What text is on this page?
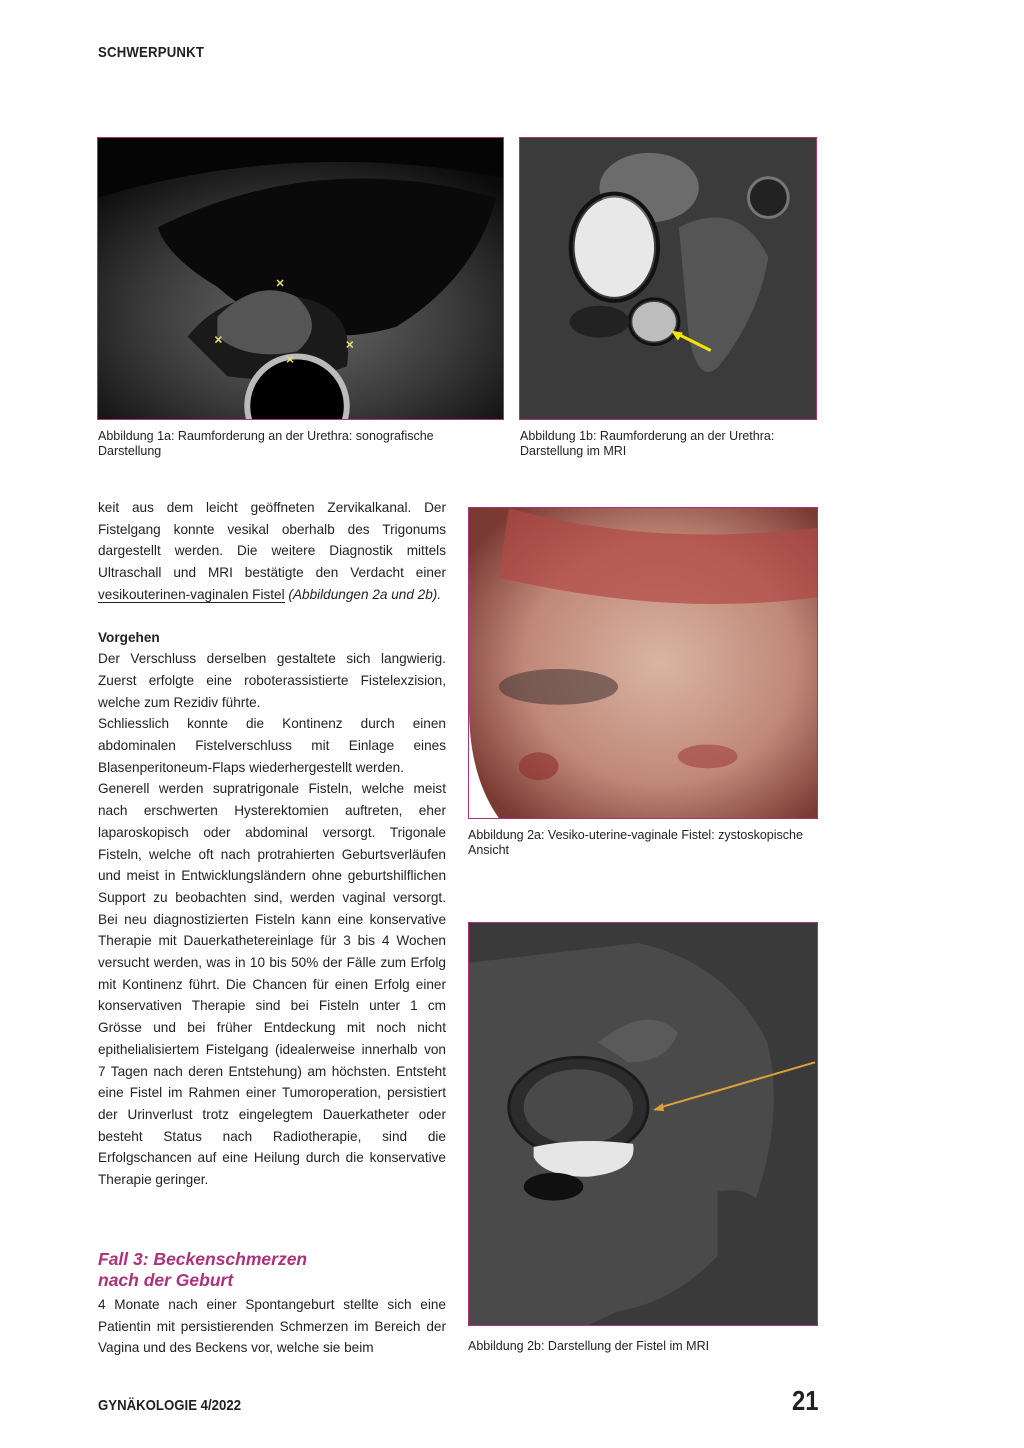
SCHWERPUNKT
Abbildung 1a: Raumforderung an der Urethra: sonografische Darstellung
Abbildung 1b: Raumforderung an der Urethra: Darstellung im MRI

keit aus dem leicht geöffneten Zervikalkanal. Der Fistelgang konnte vesikal oberhalb des Trigonums dargestellt werden. Die weitere Diagnostik mittels Ultraschall und MRI bestätigte den Verdacht einer vesikouterinen-vaginalen Fistel (Abbildungen 2a und 2b).

Vorgehen

Der Verschluss derselben gestaltete sich langwierig. Zuerst erfolgte eine roboterassistierte Fistelexzision, welche zum Rezidiv führte.

Schliesslich konnte die Kontinenz durch einen abdominalen Fistelverschluss mit Einlage eines Blasenperitoneum-Flaps wiederhergestellt werden.

Generell werden supratrigonale Fisteln, welche meist nach erschwerten Hysterektomien auftreten, eher laparoskopisch oder abdominal versorgt. Trigonale Fisteln, welche oft nach protrahierten Geburtsverläufen und meist in Entwicklungsländern ohne geburtshilflichen Support zu beobachten sind, werden vaginal versorgt. Bei neu diagnostizierten Fisteln kann eine konservative Therapie mit Dauerkathetereinlage für 3 bis 4 Wochen versucht werden, was in 10 bis 50% der Fälle zum Erfolg mit Kontinenz führt. Die Chancen für einen Erfolg einer konservativen Therapie sind bei Fisteln unter 1 cm Grösse und bei früher Entdeckung mit noch nicht epithelialisiertem Fistelgang (idealerweise innerhalb von 7 Tagen nach deren Entstehung) am höchsten. Entsteht eine Fistel im Rahmen einer Tumoroperation, persistiert der Urinverlust trotz eingelegtem Dauerkatheter oder besteht Status nach Radiotherapie, sind die Erfolgschancen auf eine Heilung durch die konservative Therapie geringer.

Fall 3: Beckenschmerzen
nach der Geburt
4 Monate nach einer Spontangeburt stellte sich eine Patientin mit persistierenden Schmerzen im Bereich der Vagina und des Beckens vor, welche sie beim
Abbildung 2a: Vesiko-uterine-vaginale Fistel: zystoskopische Ansicht
Abbildung 2b: Darstellung der Fistel im MRI
GYNÄKOLOGIE 4/2022	21
